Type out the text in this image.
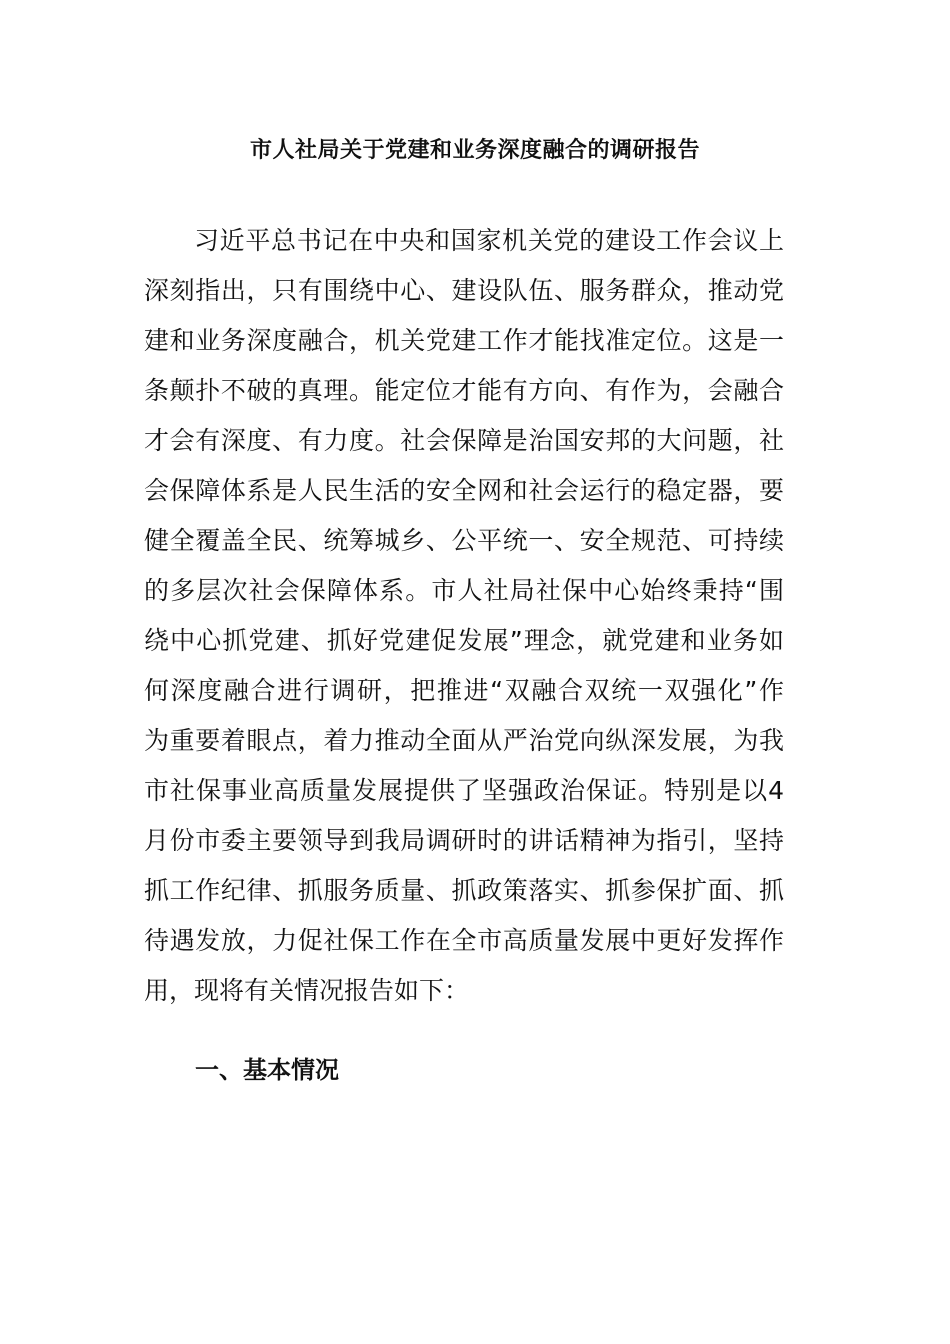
市人社局关于党建和业务深度融合的调研报告

习近平总书记在中央和国家机关党的建设工作会议上
深刻指出，只有围绕中心、建设队伍、服务群众，推动党
建和业务深度融合，机关党建工作才能找准定位。这是一
条颠扑不破的真理。能定位才能有方向、有作为，会融合
才会有深度、有力度。社会保障是治国安邦的大问题，社
会保障体系是人民生活的安全网和社会运行的稳定器，要
健全覆盖全民、统筹城乡、公平统一、安全规范、可持续
的多层次社会保障体系。市人社局社保中心始终秉持“围
绕中心抓党建、抓好党建促发展”理念，就党建和业务如
何深度融合进行调研，把推进“双融合双统一双强化”作
为重要着眼点，着力推动全面从严治党向纵深发展，为我
市社保事业高质量发展提供了坚强政治保证。特别是以4
月份市委主要领导到我局调研时的讲话精神为指引，坚持
抓工作纪律、抓服务质量、抓政策落实、抓参保扩面、抓
待遇发放，力促社保工作在全市高质量发展中更好发挥作
用，现将有关情况报告如下：

一、基本情况
